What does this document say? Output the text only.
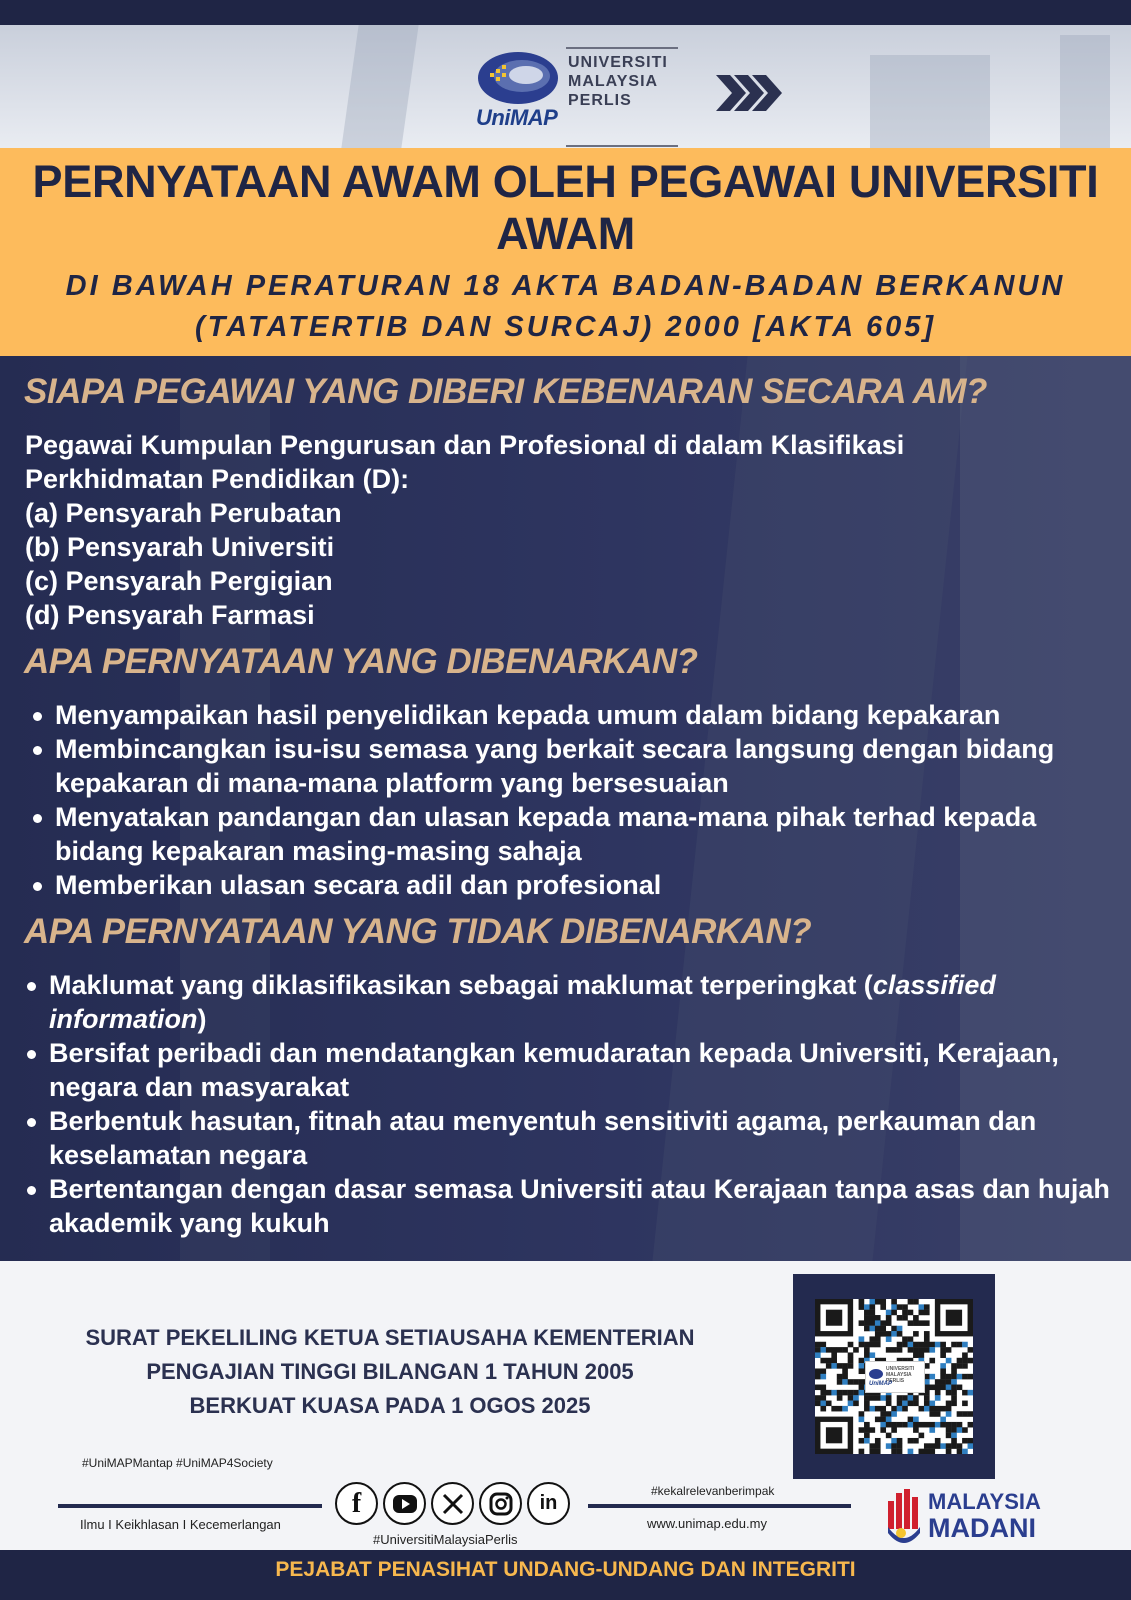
UNIVERSITI
MALAYSIA
PERLIS
UniMAP
PERNYATAAN AWAM OLEH PEGAWAI UNIVERSITI AWAM
DI BAWAH PERATURAN 18 AKTA BADAN-BADAN BERKANUN
(TATATERTIB DAN SURCAJ) 2000 [AKTA 605]
SIAPA PEGAWAI YANG DIBERI KEBENARAN SECARA AM?
Pegawai Kumpulan Pengurusan dan Profesional di dalam Klasifikasi
Perkhidmatan Pendidikan (D):
(a) Pensyarah Perubatan
(b) Pensyarah Universiti
(c) Pensyarah Pergigian
(d) Pensyarah Farmasi
APA PERNYATAAN YANG DIBENARKAN?
Menyampaikan hasil penyelidikan kepada umum dalam bidang kepakaran
Membincangkan isu-isu semasa yang berkait secara langsung dengan bidang kepakaran di mana-mana platform yang bersesuaian
Menyatakan pandangan dan ulasan kepada mana-mana pihak terhad kepada bidang kepakaran masing-masing sahaja
Memberikan ulasan secara adil dan profesional
APA PERNYATAAN YANG TIDAK DIBENARKAN?
Maklumat yang diklasifikasikan sebagai maklumat terperingkat (classified information)
Bersifat peribadi dan mendatangkan kemudaratan kepada Universiti, Kerajaan, negara dan masyarakat
Berbentuk hasutan, fitnah atau menyentuh sensitiviti agama, perkauman dan keselamatan negara
Bertentangan dengan dasar semasa Universiti atau Kerajaan tanpa asas dan hujah akademik yang kukuh
SURAT PEKELILING KETUA SETIAUSAHA KEMENTERIAN
PENGAJIAN TINGGI BILANGAN 1 TAHUN 2005
BERKUAT KUASA PADA 1 OGOS 2025
UNIVERSITI
MALAYSIA
PERLIS
UniMAP
#UniMAPMantap #UniMAP4Society
Ilmu I Keikhlasan I Kecemerlangan
f	in
#UniversitiMalaysiaPerlis
#kekalrelevanberimpak
www.unimap.edu.my
MALAYSIA
MADANI
PEJABAT PENASIHAT UNDANG-UNDANG DAN INTEGRITI
